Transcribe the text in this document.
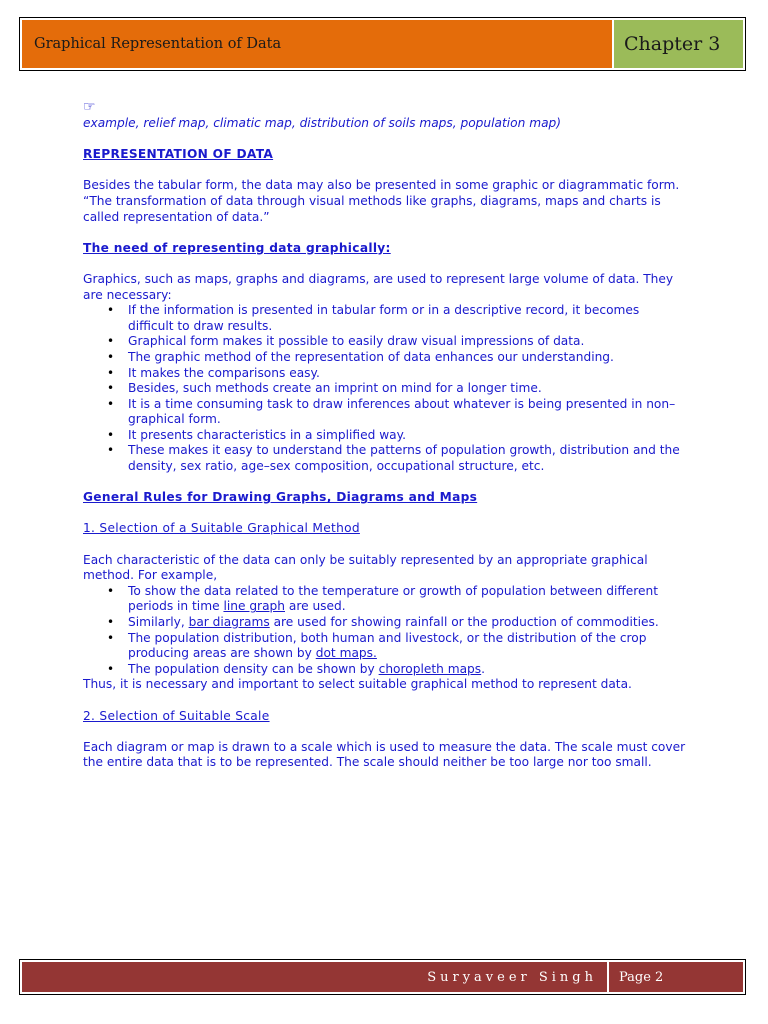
Graphical Representation of Data	Chapter 3
☞

example, relief map, climatic map, distribution of soils maps, population map)

REPRESENTATION OF DATA

Besides the tabular form, the data may also be presented in some graphic or diagrammatic form.

“The transformation of data through visual methods like graphs, diagrams, maps and charts is called representation of data.”

The need of representing data graphically:

Graphics, such as maps, graphs and diagrams, are used to represent large volume of data. They are necessary:

• If the information is presented in tabular form or in a descriptive record, it becomes difficult to draw results.
• Graphical form makes it possible to easily draw visual impressions of data.
• The graphic method of the representation of data enhances our understanding.
• It makes the comparisons easy.
• Besides, such methods create an imprint on mind for a longer time.
• It is a time consuming task to draw inferences about whatever is being presented in non–graphical form.
• It presents characteristics in a simplified way.
• These makes it easy to understand the patterns of population growth, distribution and the density, sex ratio, age–sex composition, occupational structure, etc.

General Rules for Drawing Graphs, Diagrams and Maps

1. Selection of a Suitable Graphical Method

Each characteristic of the data can only be suitably represented by an appropriate graphical method. For example,

• To show the data related to the temperature or growth of population between different periods in time line graph are used.
• Similarly, bar diagrams are used for showing rainfall or the production of commodities.
• The population distribution, both human and livestock, or the distribution of the crop producing areas are shown by dot maps.
• The population density can be shown by choropleth maps.

Thus, it is necessary and important to select suitable graphical method to represent data.

2. Selection of Suitable Scale

Each diagram or map is drawn to a scale which is used to measure the data. The scale must cover the entire data that is to be represented. The scale should neither be too large nor too small.

Suryaveer Singh Page 2
